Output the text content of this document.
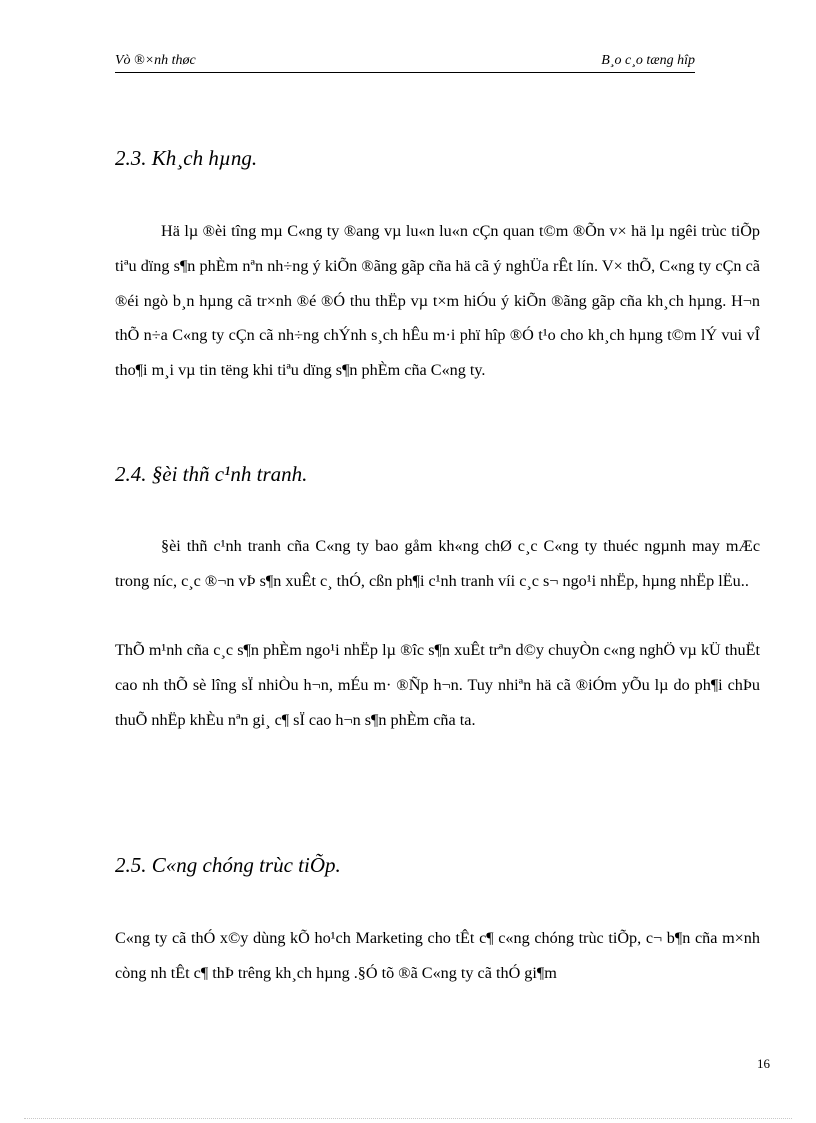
Vò ®×nh thøc	B¸o c¸o tæng hîp
2.3. Kh¸ch hµng.

Hä lµ ®èi tîng mµ C«ng ty ®ang vµ lu«n lu«n cÇn quan t©m ®Õn v× hä lµ ngêi trùc tiÕp tiªu dïng s¶n phÈm nªn nh÷ng ý kiÕn ®ãng gãp cña hä cã ý nghÜa rÊt lín. V× thÕ, C«ng ty cÇn cã ®éi ngò b¸n hµng cã tr×nh ®é ®Ó thu thËp vµ t×m hiÓu ý kiÕn ®ãng gãp cña kh¸ch hµng. H¬n thÕ n÷a C«ng ty cÇn cã nh÷ng chÝnh s¸ch hÊu m·i phï hîp ®Ó t¹o cho kh¸ch hµng t©m lÝ vui vÎ tho¶i m¸i vµ tin tëng khi tiªu dïng s¶n phÈm cña C«ng ty.

2.4. §èi thñ c¹nh tranh.

§èi thñ c¹nh tranh cña C«ng ty bao gåm kh«ng chØ c¸c C«ng ty thuéc ngµnh may mÆc trong níc, c¸c ®¬n vÞ s¶n xuÊt c¸ thÓ, cßn ph¶i c¹nh tranh víi c¸c s¬ ngo¹i nhËp, hµng nhËp lËu..

ThÕ m¹nh cña c¸c s¶n phÈm ngo¹i nhËp lµ ®îc s¶n xuÊt trªn d©y chuyÒn c«ng nghÖ vµ kÜ thuËt cao nh thÕ sè lîng sÏ nhiÒu h¬n, mÉu m· ®Ñp h¬n. Tuy nhiªn hä cã ®iÓm yÕu lµ do ph¶i chÞu thuÕ nhËp khÈu nªn gi¸ c¶ sÏ cao h¬n s¶n phÈm cña ta.

2.5. C«ng chóng trùc tiÕp.

C«ng ty cã thÓ x©y dùng kÕ ho¹ch Marketing cho tÊt c¶ c«ng chóng trùc tiÕp, c¬ b¶n cña m×nh còng nh tÊt c¶ thÞ trêng kh¸ch hµng .§Ó tõ ®ã C«ng ty cã thÓ gi¶m

16
